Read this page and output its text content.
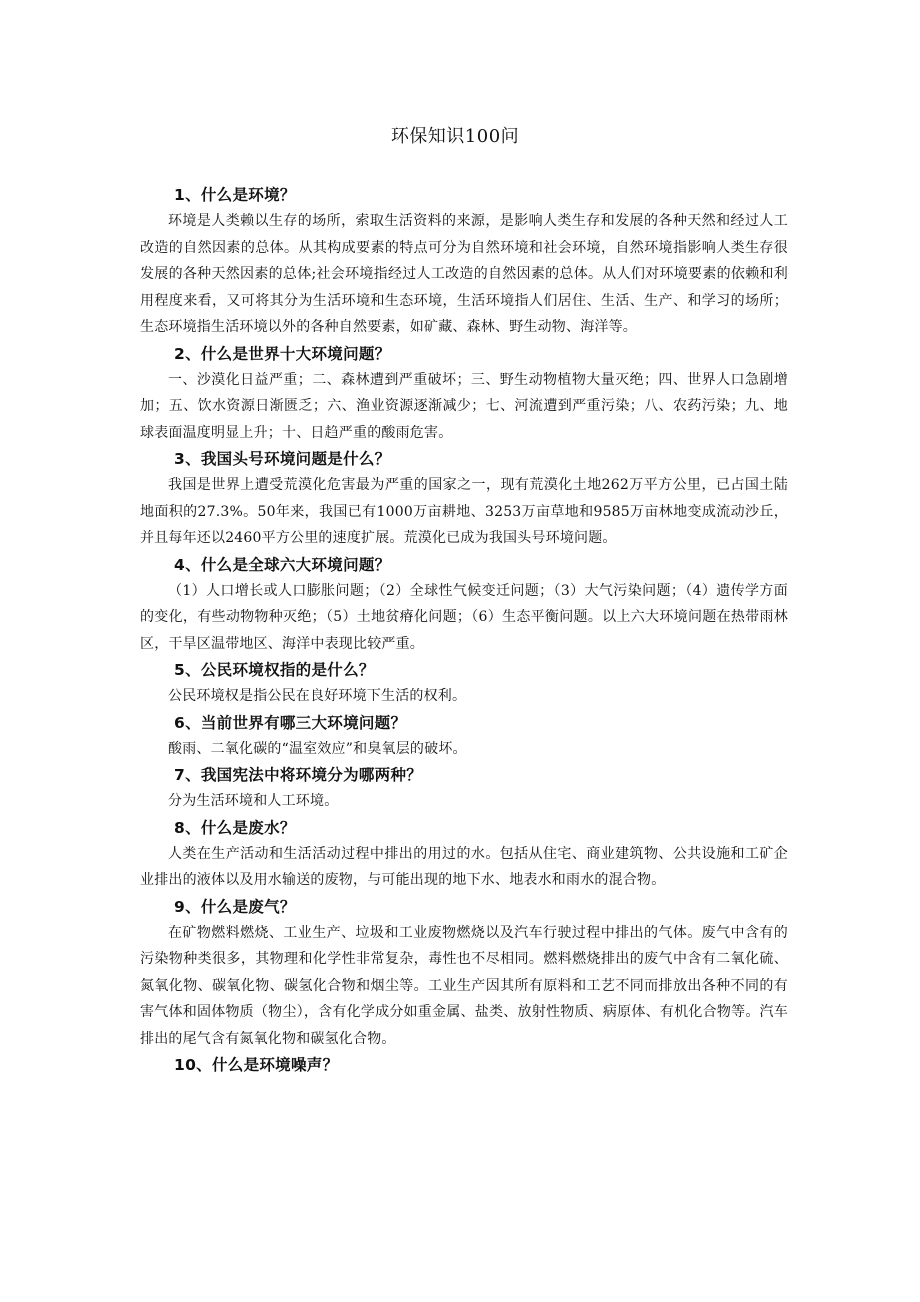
环保知识100问

1、什么是环境？

环境是人类赖以生存的场所，索取生活资料的来源，是影响人类生存和发展的各种天然和经过人工改造的自然因素的总体。从其构成要素的特点可分为自然环境和社会环境，自然环境指影响人类生存很发展的各种天然因素的总体;社会环境指经过人工改造的自然因素的总体。从人们对环境要素的依赖和利用程度来看，又可将其分为生活环境和生态环境，生活环境指人们居住、生活、生产、和学习的场所；生态环境指生活环境以外的各种自然要素，如矿藏、森林、野生动物、海洋等。

2、什么是世界十大环境问题？

一、沙漠化日益严重；二、森林遭到严重破坏；三、野生动物植物大量灭绝；四、世界人口急剧增加；五、饮水资源日渐匮乏；六、渔业资源逐渐减少；七、河流遭到严重污染；八、农药污染；九、地球表面温度明显上升；十、日趋严重的酸雨危害。

3、我国头号环境问题是什么？

我国是世界上遭受荒漠化危害最为严重的国家之一，现有荒漠化土地262万平方公里，已占国土陆地面积的27.3%。50年来，我国已有1000万亩耕地、3253万亩草地和9585万亩林地变成流动沙丘，并且每年还以2460平方公里的速度扩展。荒漠化已成为我国头号环境问题。

4、什么是全球六大环境问题？

（1）人口增长或人口膨胀问题；（2）全球性气候变迁问题；（3）大气污染问题；（4）遗传学方面的变化，有些动物物种灭绝；（5）土地贫瘠化问题；（6）生态平衡问题。以上六大环境问题在热带雨林区，干旱区温带地区、海洋中表现比较严重。

5、公民环境权指的是什么？

公民环境权是指公民在良好环境下生活的权利。

6、当前世界有哪三大环境问题？

酸雨、二氧化碳的“温室效应”和臭氧层的破坏。

7、我国宪法中将环境分为哪两种？

分为生活环境和人工环境。

8、什么是废水？

人类在生产活动和生活活动过程中排出的用过的水。包括从住宅、商业建筑物、公共设施和工矿企业排出的液体以及用水输送的废物，与可能出现的地下水、地表水和雨水的混合物。

9、什么是废气？

在矿物燃料燃烧、工业生产、垃圾和工业废物燃烧以及汽车行驶过程中排出的气体。废气中含有的污染物种类很多，其物理和化学性非常复杂，毒性也不尽相同。燃料燃烧排出的废气中含有二氧化硫、氮氧化物、碳氧化物、碳氢化合物和烟尘等。工业生产因其所有原料和工艺不同而排放出各种不同的有害气体和固体物质（物尘），含有化学成分如重金属、盐类、放射性物质、病原体、有机化合物等。汽车排出的尾气含有氮氧化物和碳氢化合物。

10、什么是环境噪声？
